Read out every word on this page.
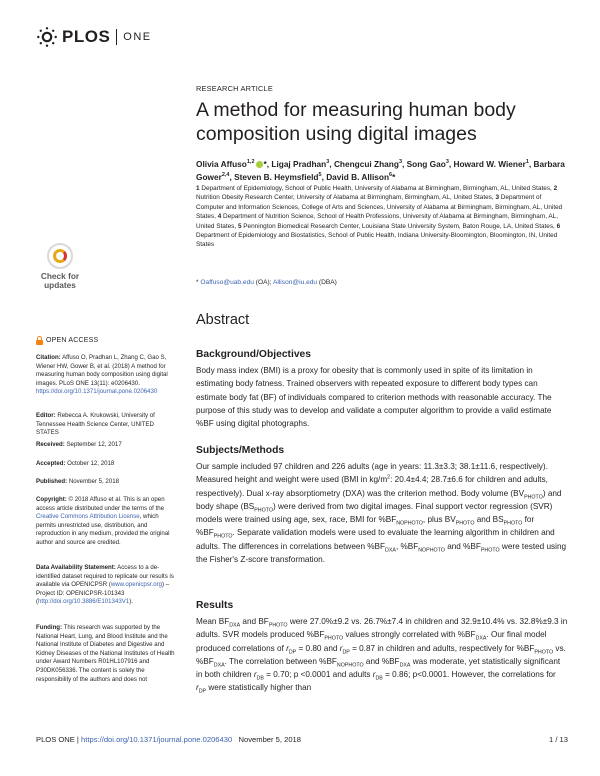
PLOS ONE
Check for
updates
OPEN ACCESS
Citation: Affuso O, Pradhan L, Zhang C, Gao S, Wiener HW, Gower B, et al. (2018) A method for measuring human body composition using digital images. PLoS ONE 13(11): e0206430. https://doi.org/10.1371/journal.pone.0206430
Editor: Rebecca A. Krukowski, University of Tennessee Health Science Center, UNITED STATES
Received: September 12, 2017
Accepted: October 12, 2018
Published: November 5, 2018
Copyright: © 2018 Affuso et al. This is an open access article distributed under the terms of the Creative Commons Attribution License, which permits unrestricted use, distribution, and reproduction in any medium, provided the original author and source are credited.
Data Availability Statement: Access to a de-identified dataset required to replicate our results is available via OPENICPSR (www.openicpsr.org) – Project ID: OPENICPSR-101343 (http://doi.org/10.3886/E101343V1).
Funding: This research was supported by the National Heart, Lung, and Blood Institute and the National Institute of Diabetes and Digestive and Kidney Diseases of the National Institutes of Health under Award Numbers R01HL107916 and P30DK056336. The content is solely the responsibility of the authors and does not
RESEARCH ARTICLE
A method for measuring human body composition using digital images
Olivia Affuso$^{1,2}$ *, Ligaj Pradhan$^3$, Chengcui Zhang$^3$, Song Gao$^3$, Howard W. Wiener$^1$, Barbara Gower$^{2,4}$, Steven B. Heymsfield$^5$, David B. Allison$^6$*
1 Department of Epidemiology, School of Public Health, University of Alabama at Birmingham, Birmingham, AL, United States, 2 Nutrition Obesity Research Center, University of Alabama at Birmingham, Birmingham, AL, United States, 3 Department of Computer and Information Sciences, College of Arts and Sciences, University of Alabama at Birmingham, Birmingham, AL, United States, 4 Department of Nutrition Science, School of Health Professions, University of Alabama at Birmingham, Birmingham, AL, United States, 5 Pennington Biomedical Research Center, Louisiana State University System, Baton Rouge, LA, United States, 6 Department of Epidemiology and Biostatistics, School of Public Health, Indiana University-Bloomington, Bloomington, IN, United States
* Oaffuso@uab.edu (OA); Allison@iu.edu (DBA)
Abstract
Background/Objectives
Body mass index (BMI) is a proxy for obesity that is commonly used in spite of its limitation in estimating body fatness. Trained observers with repeated exposure to different body types can estimate body fat (BF) of individuals compared to criterion methods with reasonable accuracy. The purpose of this study was to develop and validate a computer algorithm to provide a valid estimate %BF using digital photographs.
Subjects/Methods
Our sample included 97 children and 226 adults (age in years: 11.3±3.3; 38.1±11.6, respectively). Measured height and weight were used (BMI in $kg/m^2$: 20.4±4.4; 28.7±6.6 for children and adults, respectively). Dual x-ray absorptiometry (DXA) was the criterion method. Body volume $(BV_{PHOTO})$ and body shape $(BS_{PHOTO})$ were derived from two digital images. Final support vector regression (SVR) models were trained using age, sex, race, BMI for $\%BF_{NOPHOTO}$, plus $BV_{PHOTO}$ and $BS_{PHOTO}$ for $\%BF_{PHOTO}$. Separate validation models were used to evaluate the learning algorithm in children and adults. The differences in correlations between $\%BF_{DXA}$, $\%BF_{NOPHOTO}$ and $\%BF_{PHOTO}$ were tested using the Fisher's Z-score transformation.
Results
Mean $BF_{DXA}$ and $BF_{PHOTO}$ were 27.0%±9.2 vs. 26.7%±7.4 in children and 32.9±10.4% vs. 32.8%±9.3 in adults. SVR models produced $\%BF_{PHOTO}$ values strongly correlated with $\%BF_{DXA}$. Our final model produced correlations of $r_{DP} = 0.80$ and $r_{DP} = 0.87$ in children and adults, respectively for $\%BF_{PHOTO}$ vs. $\%BF_{DXA}$. The correlation between $\%BF_{NOPHOTO}$ and $\%BF_{DXA}$ was moderate, yet statistically significant in both children $r_{DB} = 0.70$; p <0.0001 and adults $r_{DB} = 0.86$; p<0.0001. However, the correlations for $r_{DP}$ were statistically higher than
PLOS ONE | https://doi.org/10.1371/journal.pone.0206430   November 5, 2018	1 / 13
